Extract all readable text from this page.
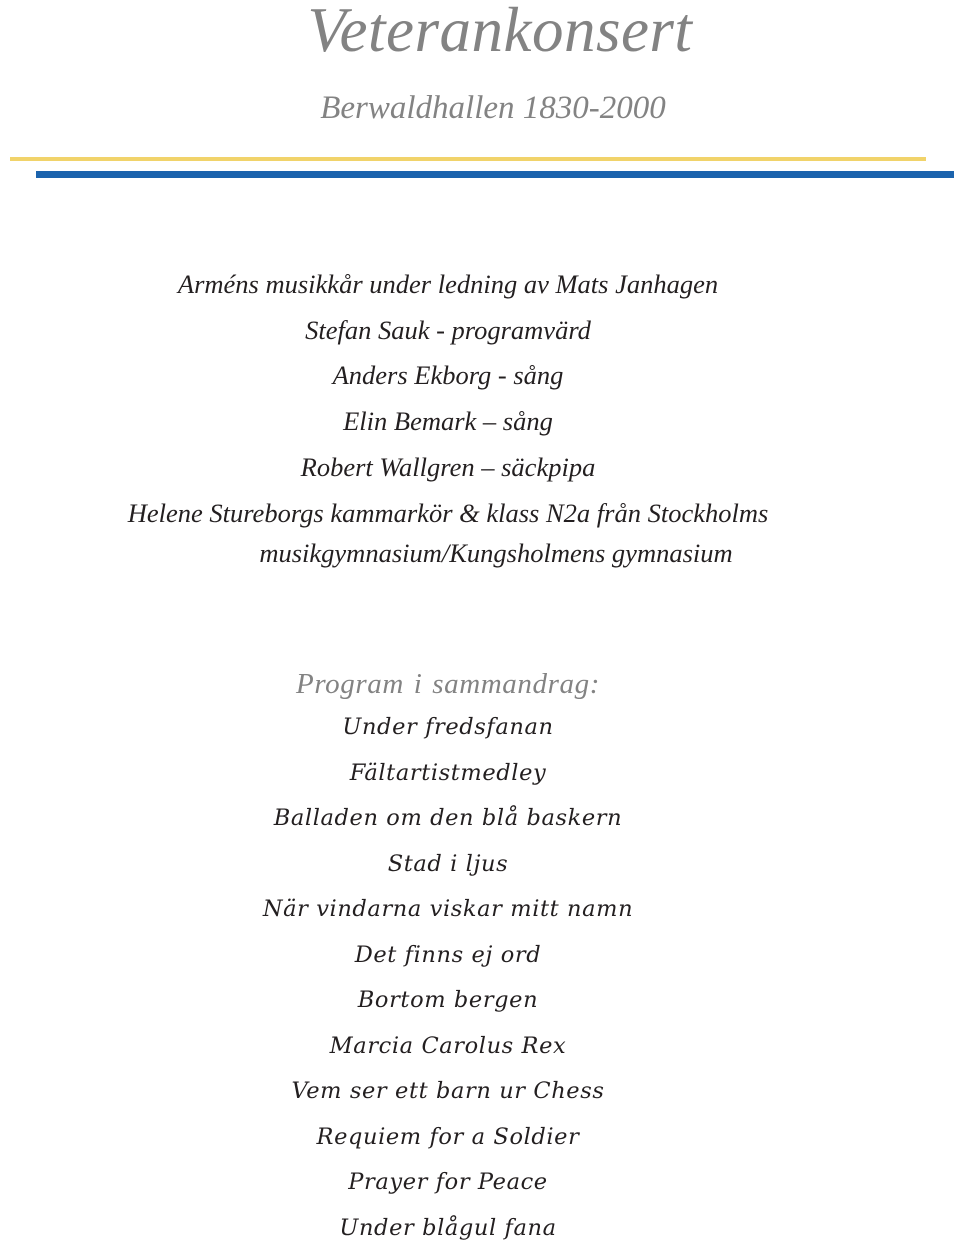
Veterankonsert
Berwaldhallen 1830-2000
Arméns musikkår under ledning av Mats Janhagen
Stefan Sauk - programvärd
Anders Ekborg - sång
Elin Bemark – sång
Robert Wallgren – säckpipa
Helene Stureborgs kammarkör & klass N2a från Stockholms
musikgymnasium/Kungsholmens gymnasium
Program i sammandrag:
Under fredsfanan
Fältartistmedley
Balladen om den blå baskern
Stad i ljus
När vindarna viskar mitt namn
Det finns ej ord
Bortom bergen
Marcia Carolus Rex
Vem ser ett barn ur Chess
Requiem for a Soldier
Prayer for Peace
Under blågul fana
